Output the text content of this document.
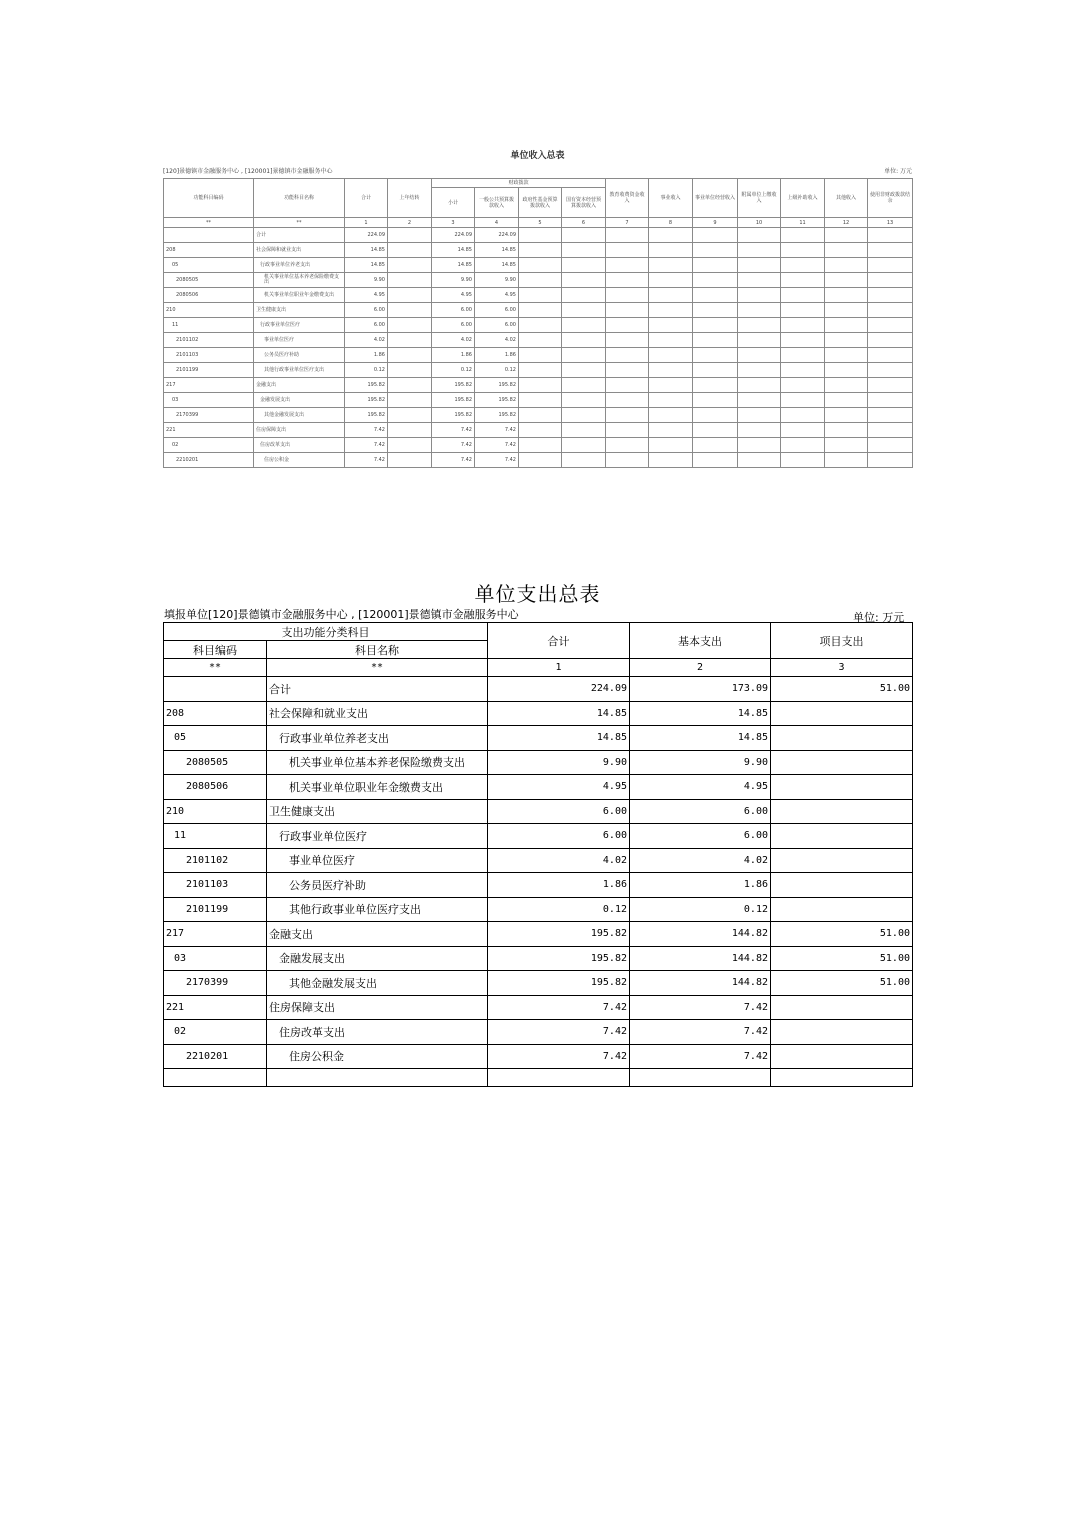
单位收入总表
[120]景德镇市金融服务中心 , [120001]景德镇市金融服务中心	单位: 万元
功能科目编码	功能科目名称	合计	上年结转	财政拨款				教育收费资金收入	事业收入	事业单位经营收入	附属单位上缴收入	上级补助收入	其他收入	使用非财政拨款结余
				小计	一般公共预算拨款收入	政府性基金预算拨款收入	国有资本经营预算拨款收入							
**	**	1	2	3	4	5	6	7	8	9	10	11	12	13
	合计	224.09		224.09	224.09									
208	社会保障和就业支出	14.85		14.85	14.85									
05	行政事业单位养老支出	14.85		14.85	14.85									
2080505	机关事业单位基本养老保险缴费支出	9.90		9.90	9.90									
2080506	机关事业单位职业年金缴费支出	4.95		4.95	4.95									
210	卫生健康支出	6.00		6.00	6.00									
11	行政事业单位医疗	6.00		6.00	6.00									
2101102	事业单位医疗	4.02		4.02	4.02									
2101103	公务员医疗补助	1.86		1.86	1.86									
2101199	其他行政事业单位医疗支出	0.12		0.12	0.12									
217	金融支出	195.82		195.82	195.82									
03	金融发展支出	195.82		195.82	195.82									
2170399	其他金融发展支出	195.82		195.82	195.82									
221	住房保障支出	7.42		7.42	7.42									
02	住房改革支出	7.42		7.42	7.42									
2210201	住房公积金	7.42		7.42	7.42									
单位支出总表
填报单位[120]景德镇市金融服务中心 , [120001]景德镇市金融服务中心	单位: 万元
支出功能分类科目		合计	基本支出	项目支出
科目编码	科目名称			
**	**	1	2	3
	合计	224.09	173.09	51.00
208	社会保障和就业支出	14.85	14.85	
05	行政事业单位养老支出	14.85	14.85	
2080505	机关事业单位基本养老保险缴费支出	9.90	9.90	
2080506	机关事业单位职业年金缴费支出	4.95	4.95	
210	卫生健康支出	6.00	6.00	
11	行政事业单位医疗	6.00	6.00	
2101102	事业单位医疗	4.02	4.02	
2101103	公务员医疗补助	1.86	1.86	
2101199	其他行政事业单位医疗支出	0.12	0.12	
217	金融支出	195.82	144.82	51.00
03	金融发展支出	195.82	144.82	51.00
2170399	其他金融发展支出	195.82	144.82	51.00
221	住房保障支出	7.42	7.42	
02	住房改革支出	7.42	7.42	
2210201	住房公积金	7.42	7.42	
